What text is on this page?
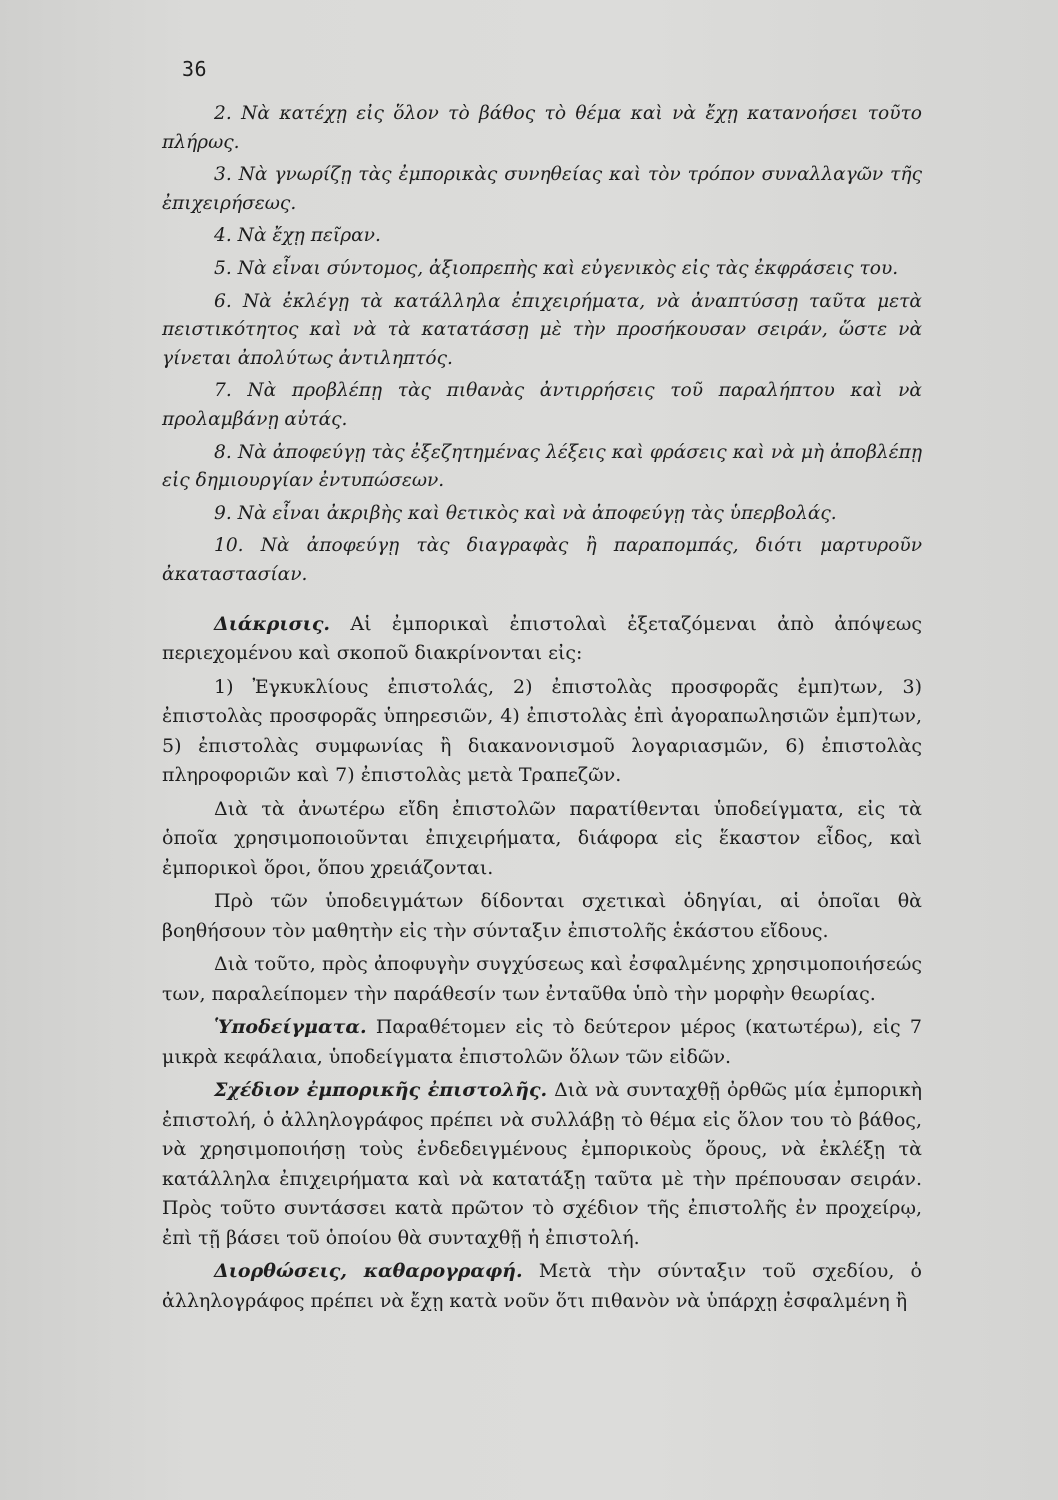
36

2. Νὰ κατέχῃ εἰς ὅλον τὸ βάθος τὸ θέμα καὶ νὰ ἔχῃ κατανοήσει τοῦτο πλήρως.

3. Νὰ γνωρίζῃ τὰς ἐμπορικὰς συνηθείας καὶ τὸν τρόπον συναλλαγῶν τῆς ἐπιχειρήσεως.

4. Νὰ ἔχῃ πεῖραν.

5. Νὰ εἶναι σύντομος, ἀξιοπρεπὴς καὶ εὐγενικὸς εἰς τὰς ἐκφράσεις του.

6. Νὰ ἐκλέγῃ τὰ κατάλληλα ἐπιχειρήματα, νὰ ἀναπτύσσῃ ταῦτα μετὰ πειστικότητος καὶ νὰ τὰ κατατάσσῃ μὲ τὴν προσήκουσαν σειράν, ὥστε νὰ γίνεται ἀπολύτως ἀντιληπτός.

7. Νὰ προβλέπῃ τὰς πιθανὰς ἀντιρρήσεις τοῦ παραλήπτου καὶ νὰ προλαμβάνῃ αὐτάς.

8. Νὰ ἀποφεύγῃ τὰς ἐξεζητημένας λέξεις καὶ φράσεις καὶ νὰ μὴ ἀποβλέπῃ εἰς δημιουργίαν ἐντυπώσεων.

9. Νὰ εἶναι ἀκριβὴς καὶ θετικὸς καὶ νὰ ἀποφεύγῃ τὰς ὑπερβολάς.

10. Νὰ ἀποφεύγῃ τὰς διαγραφὰς ἢ παραπομπάς, διότι μαρτυροῦν ἀκαταστασίαν.

Διάκρισις. Αἱ ἐμπορικαὶ ἐπιστολαὶ ἐξεταζόμεναι ἀπὸ ἀπόψεως περιεχομένου καὶ σκοποῦ διακρίνονται εἰς:

1) Ἐγκυκλίους ἐπιστολάς, 2) ἐπιστολὰς προσφορᾶς ἐμπ)των, 3) ἐπιστολὰς προσφορᾶς ὑπηρεσιῶν, 4) ἐπιστολὰς ἐπὶ ἀγοραπωλησιῶν ἐμπ)των, 5) ἐπιστολὰς συμφωνίας ἢ διακανονισμοῦ λογαριασμῶν, 6) ἐπιστολὰς πληροφοριῶν καὶ 7) ἐπιστολὰς μετὰ Τραπεζῶν.

Διὰ τὰ ἀνωτέρω εἴδη ἐπιστολῶν παρατίθενται ὑποδείγματα, εἰς τὰ ὁποῖα χρησιμοποιοῦνται ἐπιχειρήματα, διάφορα εἰς ἕκαστον εἶδος, καὶ ἐμπορικοὶ ὅροι, ὅπου χρειάζονται.

Πρὸ τῶν ὑποδειγμάτων δίδονται σχετικαὶ ὁδηγίαι, αἱ ὁποῖαι θὰ βοηθήσουν τὸν μαθητὴν εἰς τὴν σύνταξιν ἐπιστολῆς ἑκάστου εἴδους.

Διὰ τοῦτο, πρὸς ἀποφυγὴν συγχύσεως καὶ ἐσφαλμένης χρησιμοποιήσεώς των, παραλείπομεν τὴν παράθεσίν των ἐνταῦθα ὑπὸ τὴν μορφὴν θεωρίας.

Ὑποδείγματα. Παραθέτομεν εἰς τὸ δεύτερον μέρος (κατωτέρω), εἰς 7 μικρὰ κεφάλαια, ὑποδείγματα ἐπιστολῶν ὅλων τῶν εἰδῶν.

Σχέδιον ἐμπορικῆς ἐπιστολῆς. Διὰ νὰ συνταχθῇ ὀρθῶς μία ἐμπορικὴ ἐπιστολή, ὁ ἀλληλογράφος πρέπει νὰ συλλάβῃ τὸ θέμα εἰς ὅλον του τὸ βάθος, νὰ χρησιμοποιήσῃ τοὺς ἐνδεδειγμένους ἐμπορικοὺς ὅρους, νὰ ἐκλέξῃ τὰ κατάλληλα ἐπιχειρήματα καὶ νὰ κατατάξῃ ταῦτα μὲ τὴν πρέπουσαν σειράν. Πρὸς τοῦτο συντάσσει κατὰ πρῶτον τὸ σχέδιον τῆς ἐπιστολῆς ἐν προχείρῳ, ἐπὶ τῇ βάσει τοῦ ὁποίου θὰ συνταχθῇ ἡ ἐπιστολή.

Διορθώσεις, καθαρογραφή. Μετὰ τὴν σύνταξιν τοῦ σχεδίου, ὁ ἀλληλογράφος πρέπει νὰ ἔχῃ κατὰ νοῦν ὅτι πιθανὸν νὰ ὑπάρχῃ ἐσφαλμένη ἢ
